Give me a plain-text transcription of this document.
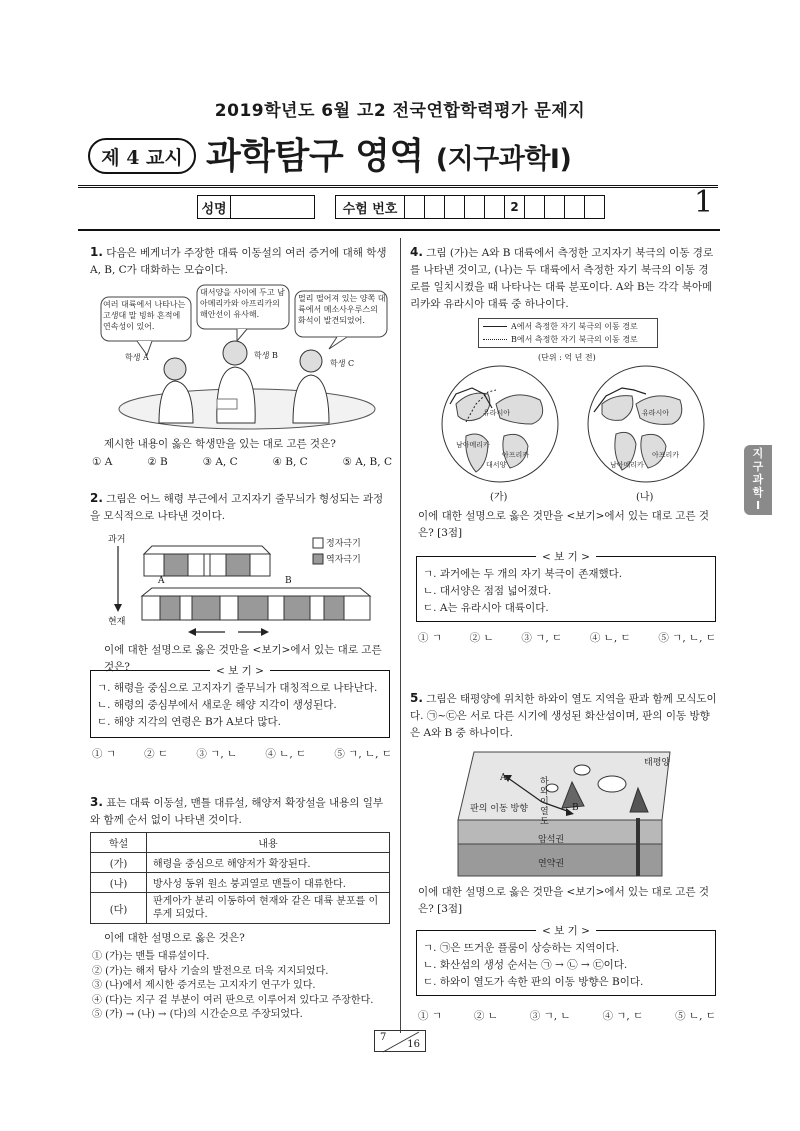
2019학년도 6월 고2 전국연합학력평가 문제지
제 4 교시 과학탐구 영역 (지구과학Ⅰ)
성명	수험 번호	2	1
지구과학Ⅰ
1. 다음은 베게너가 주장한 대륙 이동설의 여러 증거에 대해 학생 A, B, C가 대화하는 모습이다.
여러 대륙에서 나타나는 고생대 말 빙하 흔적에 연속성이 있어.
대서양을 사이에 두고 남아메리카와 아프리카의 해안선이 유사해.
멀리 떨어져 있는 양쪽 대륙에서 메소사우루스의 화석이 발견되었어.
학생 A	학생 B
학생 C
제시한 내용이 옳은 학생만을 있는 대로 고른 것은?
① A	② B	③ A, C	④ B, C	⑤ A, B, C
2. 그림은 어느 해령 부근에서 고지자기 줄무늬가 형성되는 과정을 모식적으로 나타낸 것이다.
과거
현재
정자극기
역자극기
A	B
이에 대한 설명으로 옳은 것만을 <보기>에서 있는 대로 고른 것은?	< 보 기 >
ㄱ. 해령을 중심으로 고지자기 줄무늬가 대칭적으로 나타난다.
ㄴ. 해령의 중심부에서 새로운 해양 지각이 생성된다.
ㄷ. 해양 지각의 연령은 B가 A보다 많다.
① ㄱ	② ㄷ	③ ㄱ, ㄴ	④ ㄴ, ㄷ	⑤ ㄱ, ㄴ, ㄷ
3. 표는 대륙 이동설, 맨틀 대류설, 해양저 확장설을 내용의 일부와 함께 순서 없이 나타낸 것이다.
학설	내용
(가)	해령을 중심으로 해양저가 확장된다.
(나)	방사성 동위 원소 붕괴열로 맨틀이 대류한다.
(다)	판게아가 분리 이동하여 현재와 같은 대륙 분포를 이루게 되었다.
이에 대한 설명으로 옳은 것은?
① (가)는 맨틀 대류설이다.
② (가)는 해저 탐사 기술의 발전으로 더욱 지지되었다.
③ (나)에서 제시한 증거로는 고지자기 연구가 있다.
④ (다)는 지구 겉 부분이 여러 판으로 이루어져 있다고 주장한다.
⑤ (가) → (나) → (다)의 시간순으로 주장되었다.
4. 그림 (가)는 A와 B 대륙에서 측정한 고지자기 북극의 이동 경로를 나타낸 것이고, (나)는 두 대륙에서 측정한 자기 북극의 이동 경로를 일치시켰을 때 나타나는 대륙 분포이다. A와 B는 각각 북아메리카와 유라시아 대륙 중 하나이다.
A에서 측정한 자기 북극의 이동 경로
B에서 측정한 자기 북극의 이동 경로
(단위 : 억 년 전)
유라시아
아프리카
남아메리카
대서양
유라시아
아프리카
남아메리카
(가)	(나)
이에 대한 설명으로 옳은 것만을 <보기>에서 있는 대로 고른 것은? [3점]
< 보 기 >
ㄱ. 과거에는 두 개의 자기 북극이 존재했다.
ㄴ. 대서양은 점점 넓어졌다.
ㄷ. A는 유라시아 대륙이다.
① ㄱ	② ㄴ	③ ㄱ, ㄷ	④ ㄴ, ㄷ	⑤ ㄱ, ㄴ, ㄷ
5. 그림은 태평양에 위치한 하와이 열도 지역을 판과 함께 모식도이다. ㉠~㉢은 서로 다른 시기에 생성된 화산섬이며, 판의 이동 방향은 A와 B 중 하나이다.
태평양
A
B
하와이열도
판의 이동 방향
암석권
연약권
이에 대한 설명으로 옳은 것만을 <보기>에서 있는 대로 고른 것은? [3점]
< 보 기 >
ㄱ. ㉠은 뜨거운 플룸이 상승하는 지역이다.
ㄴ. 화산섬의 생성 순서는 ㉠ → ㉡ → ㉢이다.
ㄷ. 하와이 열도가 속한 판의 이동 방향은 B이다.
① ㄱ	② ㄴ	③ ㄱ, ㄴ	④ ㄱ, ㄷ	⑤ ㄴ, ㄷ
7
16
